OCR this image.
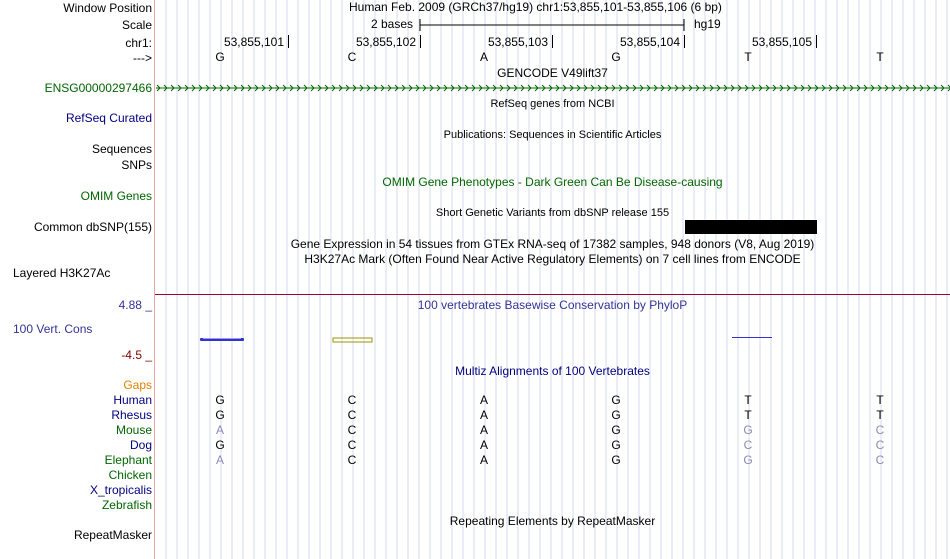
Window Position	Human Feb. 2009 (GRCh37/hg19) chr1:53,855,101-53,855,106 (6 bp)
Scale	2 bases	hg19
chr1:	53,855,101	53,855,102	53,855,103	53,855,104	53,855,105
--->	G	C	A	G	T	T
GENCODE V49lift37
ENSG00000297466
RefSeq genes from NCBI
RefSeq Curated
Publications: Sequences in Scientific Articles
Sequences
SNPs
OMIM Gene Phenotypes - Dark Green Can Be Disease-causing
OMIM Genes
Short Genetic Variants from dbSNP release 155
Common dbSNP(155)
Gene Expression in 54 tissues from GTEx RNA-seq of 17382 samples, 948 donors (V8, Aug 2019)
H3K27Ac Mark (Often Found Near Active Regulatory Elements) on 7 cell lines from ENCODE
Layered H3K27Ac
4.88 _	100 vertebrates Basewise Conservation by PhyloP
100 Vert. Cons
-4.5 _
Multiz Alignments of 100 Vertebrates
Gaps
Human	G	C	A	G	T	T
Rhesus	G	C	A	G	T	T
Mouse	A	C	A	G	G	C
Dog	G	C	A	G	C	C
Elephant	A	C	A	G	G	C
Chicken
X_tropicalis
Zebrafish
Repeating Elements by RepeatMasker
RepeatMasker
